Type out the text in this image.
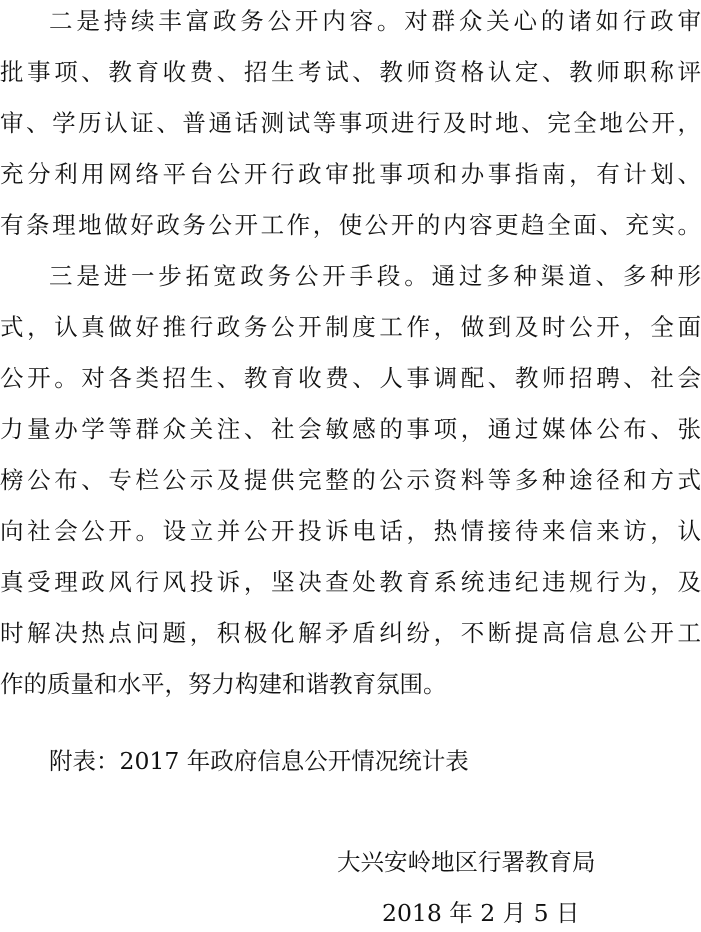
二是持续丰富政务公开内容。对群众关心的诸如行政审
批事项、教育收费、招生考试、教师资格认定、教师职称评
审、学历认证、普通话测试等事项进行及时地、完全地公开，
充分利用网络平台公开行政审批事项和办事指南，有计划、
有条理地做好政务公开工作，使公开的内容更趋全面、充实。
三是进一步拓宽政务公开手段。通过多种渠道、多种形
式，认真做好推行政务公开制度工作，做到及时公开，全面
公开。对各类招生、教育收费、人事调配、教师招聘、社会
力量办学等群众关注、社会敏感的事项，通过媒体公布、张
榜公布、专栏公示及提供完整的公示资料等多种途径和方式
向社会公开。设立并公开投诉电话，热情接待来信来访，认
真受理政风行风投诉，坚决查处教育系统违纪违规行为，及
时解决热点问题，积极化解矛盾纠纷，不断提高信息公开工
作的质量和水平，努力构建和谐教育氛围。
附表：2017 年政府信息公开情况统计表
大兴安岭地区行署教育局
2018 年 2 月 5 日
